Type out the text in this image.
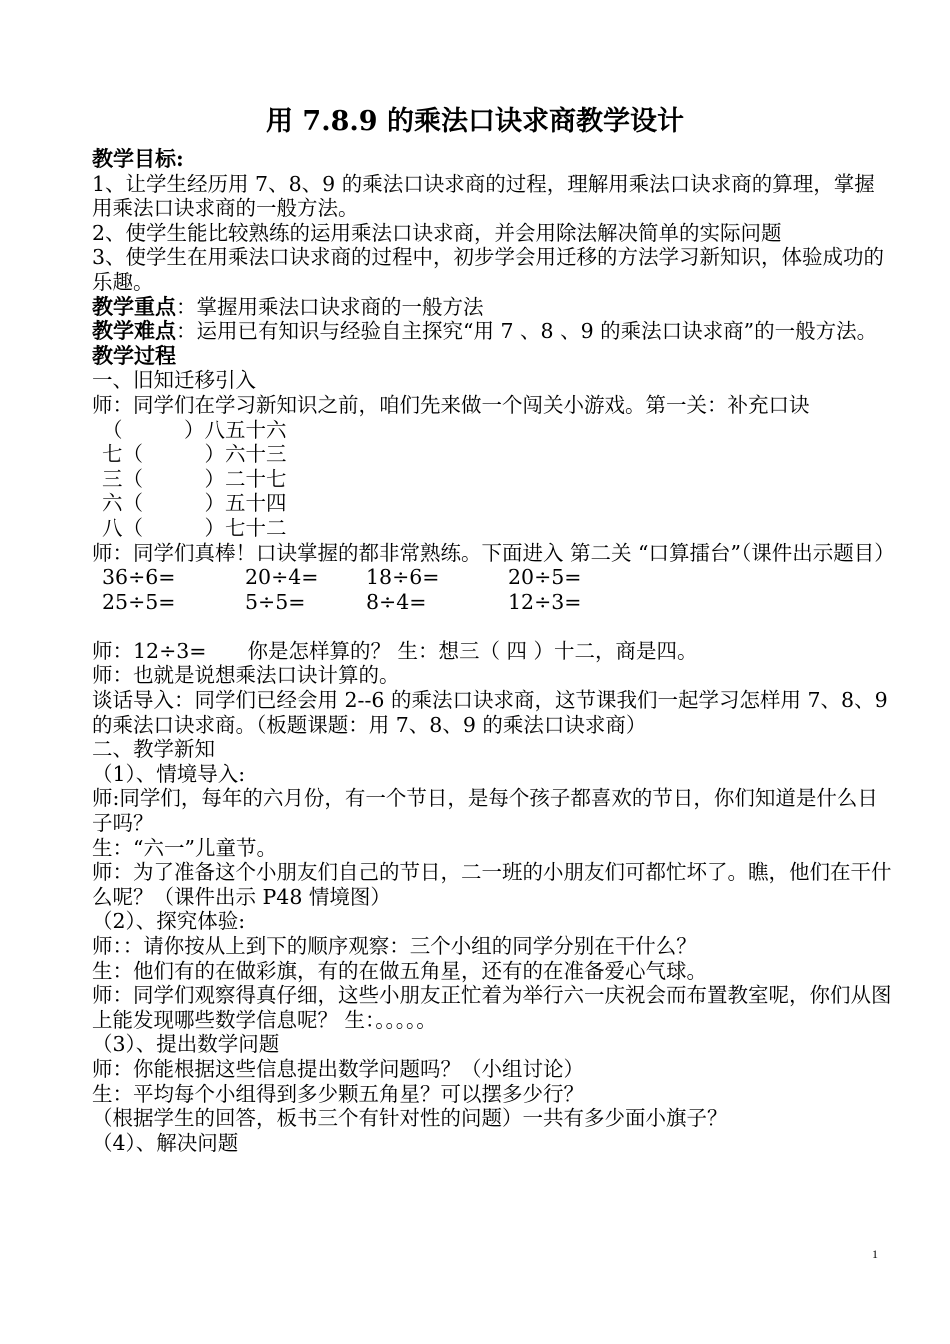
用 7.8.9 的乘法口诀求商教学设计
教学目标:
1、让学生经历用 7、8、9 的乘法口诀求商的过程，理解用乘法口诀求商的算理，掌握用乘法口诀求商的一般方法。
2、使学生能比较熟练的运用乘法口诀求商，并会用除法解决简单的实际问题
3、使学生在用乘法口诀求商的过程中，初步学会用迁移的方法学习新知识，体验成功的乐趣。
教学重点：掌握用乘法口诀求商的一般方法
教学难点：运用已有知识与经验自主探究“用 7 、8 、9 的乘法口诀求商”的一般方法。
教学过程
一、旧知迁移引入
师：同学们在学习新知识之前，咱们先来做一个闯关小游戏。第一关：补充口诀
（　　　）八五十六
七（　　　）六十三
三（　　　）二十七
六（　　　）五十四
八（　　　）七十二
师：同学们真棒！口诀掌握的都非常熟练。下面进入 第二关 “口算擂台”（课件出示题目）
36÷6=	20÷4=	18÷6=	20÷5=
25÷5=	5÷5=	8÷4=	12÷3=
师：12÷3=　　你是怎样算的？ 生：想三（ 四 ）十二，商是四。
师：也就是说想乘法口诀计算的。
谈话导入：同学们已经会用 2--6 的乘法口诀求商，这节课我们一起学习怎样用 7、8、9 的乘法口诀求商。（板题课题：用 7、8、9 的乘法口诀求商）
二、教学新知
（1）、情境导入:
师:同学们，每年的六月份，有一个节日，是每个孩子都喜欢的节日，你们知道是什么日子吗？
生：“六一”儿童节。
师：为了准备这个小朋友们自己的节日，二一班的小朋友们可都忙坏了。瞧，他们在干什么呢？（课件出示 P48 情境图）
（2）、探究体验:
师：：请你按从上到下的顺序观察：三个小组的同学分别在干什么？
生：他们有的在做彩旗，有的在做五角星，还有的在准备爱心气球。
师：同学们观察得真仔细，这些小朋友正忙着为举行六一庆祝会而布置教室呢，你们从图上能发现哪些数学信息呢？ 生：。。。。。
（3）、提出数学问题
师：你能根据这些信息提出数学问题吗？（小组讨论）
生：平均每个小组得到多少颗五角星？可以摆多少行？
（根据学生的回答，板书三个有针对性的问题）一共有多少面小旗子？
（4）、解决问题
1
